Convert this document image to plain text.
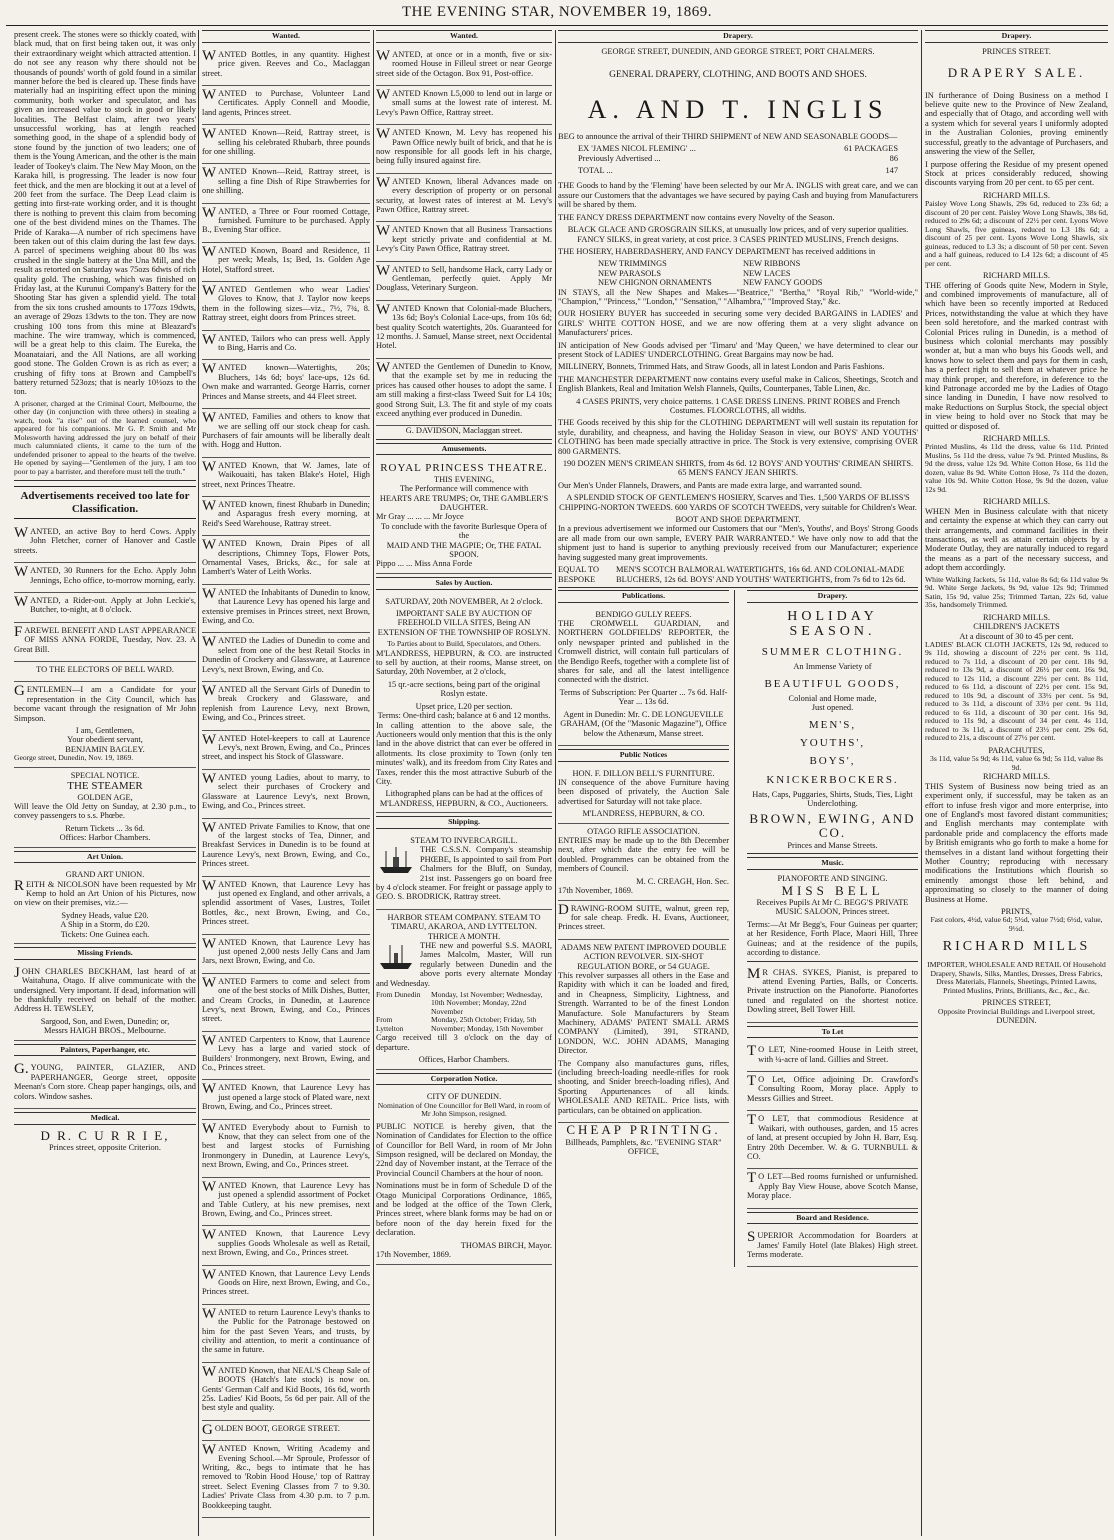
THE EVENING STAR, NOVEMBER 19, 1869.

present creek. The stones were so thickly coated, with black mud, that on first being taken out, it was only their extraordinary weight which attracted attention. I do not see any reason why there should not be thousands of pounds' worth of gold found in a similar manner before the bed is cleared up. These finds have materially had an inspiriting effect upon the mining community, both worker and speculator, and has given an increased value to stock in good or likely localities. The Belfast claim, after two years' unsuccessful working, has at length reached something good, in the shape of a splendid body of stone found by the junction of two leaders; one of them is the Young American, and the other is the main leader of Tookey's claim. The New May Moon, on the Karaka hill, is progressing. The leader is now four feet thick, and the men are blocking it out at a level of 200 feet from the surface. The Deep Lead claim is getting into first-rate working order, and it is thought there is nothing to prevent this claim from becoming one of the best dividend mines on the Thames. The Pride of Karaka—A number of rich specimens have been taken out of this claim during the last few days. A parcel of specimens weighing about 80 lbs was crushed in the single battery at the Una Mill, and the result as retorted on Saturday was 75ozs 6dwts of rich quality gold. The crushing, which was finished on Friday last, at the Kurunui Company's Battery for the Shooting Star has given a splendid yield. The total from the six tons crushed amounts to 177ozs 19dwts, an average of 29ozs 13dwts to the ton. They are now crushing 100 tons from this mine at Bleazard's machine. The wire tramway, which is commenced, will be a great help to this claim. The Eureka, the Moanataiari, and the All Nations, are all working good stone. The Golden Crown is as rich as ever; a crushing of fifty tons at Brown and Campbell's battery returned 523ozs; that is nearly 10½ozs to the ton.

A prisoner, charged at the Criminal Court, Melbourne, the other day (in conjunction with three others) in stealing a watch, took "a rise" out of the learned counsel, who appeared for his companions. Mr G. P. Smith and Mr Molesworth having addressed the jury on behalf of their much calumniated clients, it came to the turn of the undefended prisoner to appeal to the hearts of the twelve. He opened by saying—"Gentlemen of the jury, I am too poor to pay a barrister, and therefore must tell the truth."

Advertisements received too late for Classification.

WANTED, an active Boy to herd Cows. Apply John Fletcher, corner of Hanover and Castle streets.

WANTED, 30 Runners for the Echo. Apply John Jennings, Echo office, to-morrow morning, early.

WANTED, a Rider-out. Apply at John Leckie's, Butcher, to-night, at 8 o'clock.

FAREWEL BENEFIT AND LAST APPEARANCE OF MISS ANNA FORDE, Tuesday, Nov. 23. A Great Bill.

TO THE ELECTORS OF BELL WARD.

GENTLEMEN—I am a Candidate for your representation in the City Council, which has become vacant through the resignation of Mr John Simpson.

I am, Gentlemen,
Your obedient servant,
BENJAMIN BAGLEY.
George street, Dunedin, Nov. 19, 1869.
SPECIAL NOTICE.
THE STEAMER
GOLDEN AGE,

Will leave the Old Jetty on Sunday, at 2.30 p.m., to convey passengers to s.s. Phœbe.

Return Tickets ... 3s 6d.
Offices: Harbor Chambers.
Art Union.
GRAND ART UNION.

REITH & NICOLSON have been requested by Mr Kemp to hold an Art Union of his Pictures, now on view on their premises, viz.:—

Sydney Heads, value £20.
A Ship in a Storm, do £20.
Tickets: One Guinea each.
Missing Friends.

JOHN CHARLES BECKHAM, last heard of at Waitahuna, Otago. If alive communicate with the undersigned. Very important. If dead, information will be thankfully received on behalf of the mother. Address H. TEWSLEY,

Sargood, Son, and Ewen, Dunedin; or,
Messrs HAIGH BROS., Melbourne.
Painters, Paperhanger, etc.

G.YOUNG, PAINTER, GLAZIER, AND PAPERHANGER, George street, opposite Meenan's Corn store. Cheap paper hangings, oils, and colors. Window sashes.

Medical.
D R. C U R R I E,
Princes street, opposite Criterion.
Wanted.

WANTED Bottles, in any quantity. Highest price given. Reeves and Co., Maclaggan street.

WANTED to Purchase, Volunteer Land Certificates. Apply Connell and Moodie, land agents, Princes street.

WANTED Known—Reid, Rattray street, is selling his celebrated Rhubarb, three pounds for one shilling.

WANTED Known—Reid, Rattray street, is selling a fine Dish of Ripe Strawberries for one shilling.

WANTED, a Three or Four roomed Cottage, furnished. Furniture to be purchased. Apply B., Evening Star office.

WANTED Known, Board and Residence, 1l per week; Meals, 1s; Bed, 1s. Golden Age Hotel, Stafford street.

WANTED Gentlemen who wear Ladies' Gloves to Know, that J. Taylor now keeps them in the following sizes—viz., 7½, 7¾, 8. Rattray street, eight doors from Princes street.

WANTED, Tailors who can press well. Apply to Bing, Harris and Co.

WANTED known—Watertights, 20s; Bluchers, 14s 6d; boys' lace-ups, 12s 6d. Own make and warranted. George Harris, corner Princes and Manse streets, and 44 Fleet street.

WANTED, Families and others to know that we are selling off our stock cheap for cash. Purchasers of fair amounts will be liberally dealt with. Hogg and Hutton.

WANTED Known, that W. James, late of Waikouaiti, has taken Blake's Hotel, High street, next Princes Theatre.

WANTED known, finest Rhubarb in Dunedin; and Asparagus fresh every morning, at Reid's Seed Warehouse, Rattray street.

WANTED Known, Drain Pipes of all descriptions, Chimney Tops, Flower Pots, Ornamental Vases, Bricks, &c., for sale at Lambert's Water of Leith Works.

WANTED the Inhabitants of Dunedin to know, that Laurence Levy has opened his large and extensive premises in Princes street, next Brown, Ewing, and Co.

WANTED the Ladies of Dunedin to come and select from one of the best Retail Stocks in Dunedin of Crockery and Glassware, at Laurence Levy's, next Brown, Ewing, and Co.

WANTED all the Servant Girls of Dunedin to break Crockery and Glassware, and replenish from Laurence Levy, next Brown, Ewing, and Co., Princes street.

WANTED Hotel-keepers to call at Laurence Levy's, next Brown, Ewing, and Co., Princes street, and inspect his Stock of Glassware.

WANTED young Ladies, about to marry, to select their purchases of Crockery and Glassware at Laurence Levy's, next Brown, Ewing, and Co., Princes street.

WANTED Private Families to Know, that one of the largest stocks of Tea, Dinner, and Breakfast Services in Dunedin is to be found at Laurence Levy's, next Brown, Ewing, and Co., Princes street.

WANTED Known, that Laurence Levy has just opened ex England, and other arrivals, a splendid assortment of Vases, Lustres, Toilet Bottles, &c., next Brown, Ewing, and Co., Princes street.

WANTED Known, that Laurence Levy has just opened 2,000 nests Jelly Cans and Jam Jars, next Brown, Ewing, and Co.

WANTED Farmers to come and select from one of the best stocks of Milk Dishes, Butter, and Cream Crocks, in Dunedin, at Laurence Levy's, next Brown, Ewing, and Co., Princes street.

WANTED Carpenters to Know, that Laurence Levy has a large and varied stock of Builders' Ironmongery, next Brown, Ewing, and Co., Princes street.

WANTED Known, that Laurence Levy has just opened a large stock of Plated ware, next Brown, Ewing, and Co., Princes street.

WANTED Everybody about to Furnish to Know, that they can select from one of the best and largest stocks of Furnishing Ironmongery in Dunedin, at Laurence Levy's, next Brown, Ewing, and Co., Princes street.

WANTED Known, that Laurence Levy has just opened a splendid assortment of Pocket and Table Cutlery, at his new premises, next Brown, Ewing, and Co., Princes street.

WANTED Known, that Laurence Levy supplies Goods Wholesale as well as Retail, next Brown, Ewing, and Co., Princes street.

WANTED Known, that Laurence Levy Lends Goods on Hire, next Brown, Ewing, and Co., Princes street.

WANTED to return Laurence Levy's thanks to the Public for the Patronage bestowed on him for the past Seven Years, and trusts, by civility and attention, to merit a continuance of the same in future.

WANTED Known, that NEAL'S Cheap Sale of BOOTS (Hatch's late stock) is now on. Gents' German Calf and Kid Boots, 16s 6d, worth 25s. Ladies' Kid Boots, 5s 6d per pair. All of the best style and quality.

GOLDEN BOOT, GEORGE STREET.

WANTED Known, Writing Academy and Evening School.—Mr Sproule, Professor of Writing, &c., begs to intimate that he has removed to 'Robin Hood House,' top of Rattray street. Select Evening Classes from 7 to 9.30. Ladies' Private Class from 4.30 p.m. to 7 p.m. Bookkeeping taught.

Wanted.

WANTED, at once or in a month, five or six-roomed House in Filleul street or near George street side of the Octagon. Box 91, Post-office.

WANTED Known L5,000 to lend out in large or small sums at the lowest rate of interest. M. Levy's Pawn Office, Rattray street.

WANTED Known, M. Levy has reopened his Pawn Office newly built of brick, and that he is now responsible for all goods left in his charge, being fully insured against fire.

WANTED Known, liberal Advances made on every description of property or on personal security, at lowest rates of interest at M. Levy's Pawn Office, Rattray street.

WANTED Known that all Business Transactions kept strictly private and confidential at M. Levy's City Pawn Office, Rattray street.

WANTED to Sell, handsome Hack, carry Lady or Gentleman, perfectly quiet. Apply Mr Douglass, Veterinary Surgeon.

WANTED Known that Colonial-made Bluchers, 13s 6d; Boy's Colonial Lace-ups, from 10s 6d; best quality Scotch watertights, 20s. Guaranteed for 12 months. J. Samuel, Manse street, next Occidental Hotel.

WANTED the Gentlemen of Dunedin to Know, that the example set by me in reducing the prices has caused other houses to adopt the same. I am still making a first-class Tweed Suit for L4 10s; good Strong Suit, L3. The fit and style of my coats exceed anything ever produced in Dunedin.

G. DAVIDSON, Maclaggan street.
Amusements.
ROYAL PRINCESS THEATRE.
THIS EVENING,
The Performance will commence with
HEARTS ARE TRUMPS; Or, THE GAMBLER'S DAUGHTER.
Mr Gray ... ... ... Mr Joyce
To conclude with the favorite Burlesque Opera of the
MAID AND THE MAGPIE; Or, THE FATAL SPOON.
Pippo ... ... Miss Anna Forde
Sales by Auction.
SATURDAY, 20th NOVEMBER, At 2 o'clock.
IMPORTANT SALE BY AUCTION OF FREEHOLD VILLA SITES, Being AN EXTENSION OF THE TOWNSHIP OF ROSLYN.
To Parties about to Build, Speculators, and Others.

M'LANDRESS, HEPBURN, & CO. are instructed to sell by auction, at their rooms, Manse street, on Saturday, 20th November, at 2 o'clock,

15 qr.-acre sections, being part of the original Roslyn estate.

Upset price, L20 per section.
Terms: One-third cash; balance at 6 and 12 months.

In calling attention to the above sale, the Auctioneers would only mention that this is the only land in the above district that can ever be offered in allotments. Its close proximity to Town (only ten minutes' walk), and its freedom from City Rates and Taxes, render this the most attractive Suburb of the City.

Lithographed plans can be had at the offices of
M'LANDRESS, HEPBURN, & CO., Auctioneers.
Shipping.
STEAM TO INVERCARGILL.

THE C.S.S.N. Company's steamship PHŒBE, Is appointed to sail from Port Chalmers for the Bluff, on Sunday, 21st inst. Passengers go on board free by 4 o'clock steamer. For freight or passage apply to GEO. S. BRODRICK, Rattray street.

HARBOR STEAM COMPANY. STEAM TO TIMARU, AKAROA, AND LYTTELTON. THRICE A MONTH.

THE new and powerful S.S. MAORI, James Malcolm, Master, Will run regularly between Dunedin and the above ports every alternate Monday and Wednesday.

From Dunedin Monday, 1st November; Wednesday, 10th November; Monday, 22nd November
From Lyttelton
Monday, 25th October; Friday, 5th November; Monday, 15th November

Cargo received till 3 o'clock on the day of departure.

Offices, Harbor Chambers.
Corporation Notice.
CITY OF DUNEDIN.

Nomination of One Councillor for Bell Ward, in room of Mr John Simpson, resigned.

PUBLIC NOTICE is hereby given, that the Nomination of Candidates for Election to the office of Councillor for Bell Ward, in room of Mr John Simpson resigned, will be declared on Monday, the 22nd day of November instant, at the Terrace of the Provincial Council Chambers at the hour of noon.

Nominations must be in form of Schedule D of the Otago Municipal Corporations Ordinance, 1865, and be lodged at the office of the Town Clerk, Princes street, where blank forms may be had on or before noon of the day herein fixed for the declaration.

THOMAS BIRCH, Mayor.
17th November, 1869.
Drapery.
GEORGE STREET, DUNEDIN, AND GEORGE STREET, PORT CHALMERS.
GENERAL DRAPERY, CLOTHING, AND BOOTS AND SHOES.
A. AND T. INGLIS

BEG to announce the arrival of their THIRD SHIPMENT of NEW AND SEASONABLE GOODS—

EX 'JAMES NICOL FLEMING' ...	61 PACKAGES
Previously Advertised ...	86
TOTAL ...	147

THE Goods to hand by the 'Fleming' have been selected by our Mr A. INGLIS with great care, and we can assure our Customers that the advantages we have secured by paying Cash and buying from Manufacturers will be shared by them.

THE FANCY DRESS DEPARTMENT now contains every Novelty of the Season.

BLACK GLACE AND GROSGRAIN SILKS, at unusually low prices, and of very superior qualities. FANCY SILKS, in great variety, at cost price. 3 CASES PRINTED MUSLINS, French designs.

THE HOSIERY, HABERDASHERY, AND FANCY DEPARTMENT has received additions in

NEW TRIMMINGS
NEW PARASOLS
NEW CHIGNON ORNAMENTS
NEW RIBBONS
NEW LACES
NEW FANCY GOODS

IN STAYS, all the New Shapes and Makes—"Beatrice," "Bertha," "Royal Rib," "World-wide," "Champion," "Princess," "London," "Sensation," "Alhambra," "Improved Stay," &c.

OUR HOSIERY BUYER has succeeded in securing some very decided BARGAINS in LADIES' and GIRLS' WHITE COTTON HOSE, and we are now offering them at a very slight advance on Manufacturers' prices.

IN anticipation of New Goods advised per 'Timaru' and 'May Queen,' we have determined to clear our present Stock of LADIES' UNDERCLOTHING. Great Bargains may now be had.

MILLINERY, Bonnets, Trimmed Hats, and Straw Goods, all in latest London and Paris Fashions.

THE MANCHESTER DEPARTMENT now contains every useful make in Calicos, Sheetings, Scotch and English Blankets, Real and Imitation Welsh Flannels, Quilts, Counterpanes, Table Linen, &c.

4 CASES PRINTS, very choice patterns. 1 CASE DRESS LINENS. PRINT ROBES and French Costumes. FLOORCLOTHS, all widths.

THE Goods received by this ship for the CLOTHING DEPARTMENT will well sustain its reputation for style, durability, and cheapness, and having the Holiday Season in view, our BOYS' AND YOUTHS' CLOTHING has been made specially attractive in price. The Stock is very extensive, comprising OVER 800 GARMENTS.

190 DOZEN MEN'S CRIMEAN SHIRTS, from 4s 6d. 12 BOYS' AND YOUTHS' CRIMEAN SHIRTS. 65 MEN'S FANCY JEAN SHIRTS.

Our Men's Under Flannels, Drawers, and Pants are made extra large, and warranted sound.

A SPLENDID STOCK OF GENTLEMEN'S HOSIERY, Scarves and Ties. 1,500 YARDS OF BLISS'S CHIPPING-NORTON TWEEDS. 600 YARDS OF SCOTCH TWEEDS, very suitable for Children's Wear.

BOOT AND SHOE DEPARTMENT.

In a previous advertisement we informed our Customers that our "Men's, Youths', and Boys' Strong Goods are all made from our own sample, EVERY PAIR WARRANTED." We have only now to add that the shipment just to hand is superior to anything previously received from our Manufacturer; experience having suggested many great improvements.

EQUAL TO BESPOKE
MEN'S SCOTCH BALMORAL WATERTIGHTS, 16s 6d. AND COLONIAL-MADE BLUCHERS, 12s 6d. BOYS' AND YOUTHS' WATERTIGHTS, from 7s 6d to 12s 6d.
Publications.
BENDIGO GULLY REEFS.

THE CROMWELL GUARDIAN, and NORTHERN GOLDFIELDS' REPORTER, the only newspaper printed and published in the Cromwell district, will contain full particulars of the Bendigo Reefs, together with a complete list of shares for sale, and all the latest intelligence connected with the district.

Terms of Subscription: Per Quarter ... 7s 6d. Half-Year ... 13s 6d.

Agent in Dunedin: Mr. C. DE LONGUEVILLE GRAHAM, (Of the "Masonic Magazine"), Office below the Athenæum, Manse street.

Public Notices
HON. F. DILLON BELL'S FURNITURE.

IN consequence of the above Furniture having been disposed of privately, the Auction Sale advertised for Saturday will not take place.

M'LANDRESS, HEPBURN, & CO.
OTAGO RIFLE ASSOCIATION.

ENTRIES may be made up to the 8th December next, after which date the entry fee will be doubled. Programmes can be obtained from the members of Council.

M. C. CREAGH, Hon. Sec.
17th November, 1869.

DRAWING-ROOM SUITE, walnut, green rep, for sale cheap. Fredk. H. Evans, Auctioneer, Princes street.

ADAMS NEW PATENT IMPROVED DOUBLE ACTION REVOLVER. SIX-SHOT REGULATION BORE, or 54 GUAGE.

This revolver surpasses all others in the Ease and Rapidity with which it can be loaded and fired, and in Cheapness, Simplicity, Lightness, and Strength. Warranted to be of the finest London Manufacture. Sole Manufacturers by Steam Machinery, ADAMS' PATENT SMALL ARMS COMPANY (Limited), 391, STRAND, LONDON, W.C. JOHN ADAMS, Managing Director.

The Company also manufactures guns, rifles, (including breech-loading needle-rifles for rook shooting, and Snider breech-loading rifles), And Sporting Appurtenances of all kinds. WHOLESALE AND RETAIL. Price lists, with particulars, can be obtained on application.

CHEAP PRINTING.
Billheads, Pamphlets, &c. "EVENING STAR" OFFICE,
Drapery.
HOLIDAY SEASON.
SUMMER CLOTHING.
An Immense Variety of
BEAUTIFUL GOODS,
Colonial and Home made,
Just opened.
MEN'S,
YOUTHS',
BOYS',
KNICKERBOCKERS.

Hats, Caps, Puggaries, Shirts, Studs, Ties, Light Underclothing.

BROWN, EWING, AND CO.
Princes and Manse Streets.
Music.
PIANOFORTE AND SINGING.
MISS BELL

Receives Pupils At Mr C. BEGG'S PRIVATE MUSIC SALOON, Princes street.

Terms:—At Mr Begg's, Four Guineas per quarter; at her Residence, Forth Place, Maori Hill, Three Guineas; and at the residence of the pupils, according to distance.

MR CHAS. SYKES, Pianist, is prepared to attend Evening Parties, Balls, or Concerts. Private instruction on the Pianoforte. Pianofortes tuned and regulated on the shortest notice. Dowling street, Bell Tower Hill.

To Let

TO LET, Nine-roomed House in Leith street, with ¼-acre of land. Gillies and Street.

TO Let, Office adjoining Dr. Crawford's Consulting Room, Moray place. Apply to Messrs Gillies and Street.

TO LET, that commodious Residence at Waikari, with outhouses, garden, and 15 acres of land, at present occupied by John H. Barr, Esq. Entry 20th December. W. & G. TURNBULL & CO.

TO LET—Bed rooms furnished or unfurnished. Apply Bay View House, above Scotch Manse, Moray place.

Board and Residence.

SUPERIOR Accommodation for Boarders at James' Family Hotel (late Blakes) High street. Terms moderate.

Drapery.
PRINCES STREET.
DRAPERY SALE.

IN furtherance of Doing Business on a method I believe quite new to the Province of New Zealand, and especially that of Otago, and according well with a system which for several years I uniformly adopted in the Australian Colonies, proving eminently successful, greatly to the advantage of Purchasers, and answering the view of the Seller,

I purpose offering the Residue of my present opened Stock at prices considerably reduced, showing discounts varying from 20 per cent. to 65 per cent.

RICHARD MILLS.

Paisley Wove Long Shawls, 29s 6d, reduced to 23s 6d; a discount of 20 per cent. Paisley Wove Long Shawls, 38s 6d, reduced to 29s 6d; a discount of 22½ per cent. Lyons Wove Long Shawls, five guineas, reduced to L3 18s 6d; a discount of 25 per cent. Lyons Wove Long Shawls, six guineas, reduced to L3 3s; a discount of 50 per cent. Seven and a half guineas, reduced to L4 12s 6d; a discount of 45 per cent.

RICHARD MILLS.

THE offering of Goods quite New, Modern in Style, and combined improvements of manufacture, all of which have been so recently imported at Reduced Prices, notwithstanding the value at which they have been sold heretofore, and the marked contrast with Colonial Prices ruling in Dunedin, is a method of business which colonial merchants may possibly wonder at, but a man who buys his Goods well, and knows how to select them and pays for them in cash, has a perfect right to sell them at whatever price he may think proper, and therefore, in deference to the kind Patronage accorded me by the Ladies of Otago since landing in Dunedin, I have now resolved to make Reductions on Surplus Stock, the special object in view being to hold over no Stock that may be quitted or disposed of.

RICHARD MILLS.

Printed Muslins, 4s 11d the dress, value 6s 11d. Printed Muslins, 5s 11d the dress, value 7s 9d. Printed Muslins, 8s 9d the dress, value 12s 9d. White Cotton Hose, 6s 11d the dozen, value 8s 9d. White Cotton Hose, 7s 11d the dozen, value 10s 9d. White Cotton Hose, 9s 9d the dozen, value 12s 9d.

RICHARD MILLS.

WHEN Men in Business calculate with that nicety and certainty the expense at which they can carry out their arrangements, and command facilities in their transactions, as well as attain certain objects by a Moderate Outlay, they are naturally induced to regard the means as a part of the necessary success, and adopt them accordingly.

White Walking Jackets, 5s 11d, value 8s 6d; 6s 11d value 9s 9d. White Serge Jackets, 9s 9d, value 12s 9d; Trimmed Satin, 15s 9d, value 25s; Trimmed Tartan, 22s 6d, value 35s, handsomely Trimmed.

RICHARD MILLS.
CHILDREN'S JACKETS
At a discount of 30 to 45 per cent.

LADIES' BLACK CLOTH JACKETS, 12s 9d, reduced to 9s 11d, showing a discount of 22½ per cent. 9s 11d, reduced to 7s 11d, a discount of 20 per cent. 18s 9d, reduced to 13s 9d, a discount of 26½ per cent. 16s 9d, reduced to 12s 11d, a discount 22½ per cent. 8s 11d, reduced to 6s 11d, a discount of 22½ per cent. 15s 9d, reduced to 10s 9d, a discount of 33½ per cent. 5s 9d, reduced to 3s 11d, a discount of 33½ per cent. 9s 11d, reduced to 6s 11d, a discount of 30 per cent. 16s 9d, reduced to 11s 9d, a discount of 34 per cent. 4s 11d, reduced to 3s 11d, a discount of 23½ per cent. 29s 6d, reduced to 21s, a discount of 27½ per cent.

PARACHUTES,
3s 11d, value 5s 9d; 4s 11d, value 6s 9d; 5s 11d, value 8s 9d.
RICHARD MILLS.

THIS System of Business now being tried as an experiment only, if successful, may be taken as an effort to infuse fresh vigor and more enterprise, into one of England's most favored distant communities; and English merchants may contemplate with pardonable pride and complacency the efforts made by British emigrants who go forth to make a home for themselves in a distant land without forgetting their Mother Country; reproducing with necessary modifications the Institutions which flourish so eminently amongst those left behind, and approximating so closely to the manner of doing Business at Home.

PRINTS,
Fast colors, 4½d, value 6d; 5½d, value 7½d; 6½d, value, 9½d.
RICHARD MILLS

IMPORTER, WHOLESALE AND RETAIL Of Household Drapery, Shawls, Silks, Mantles, Dresses, Dress Fabrics, Dress Materials, Flannels, Sheetings, Printed Lawns, Printed Muslins, Prints, Brilliants, &c., &c., &c.

PRINCES STREET,
Opposite Provincial Buildings and Liverpool street,
DUNEDIN.
